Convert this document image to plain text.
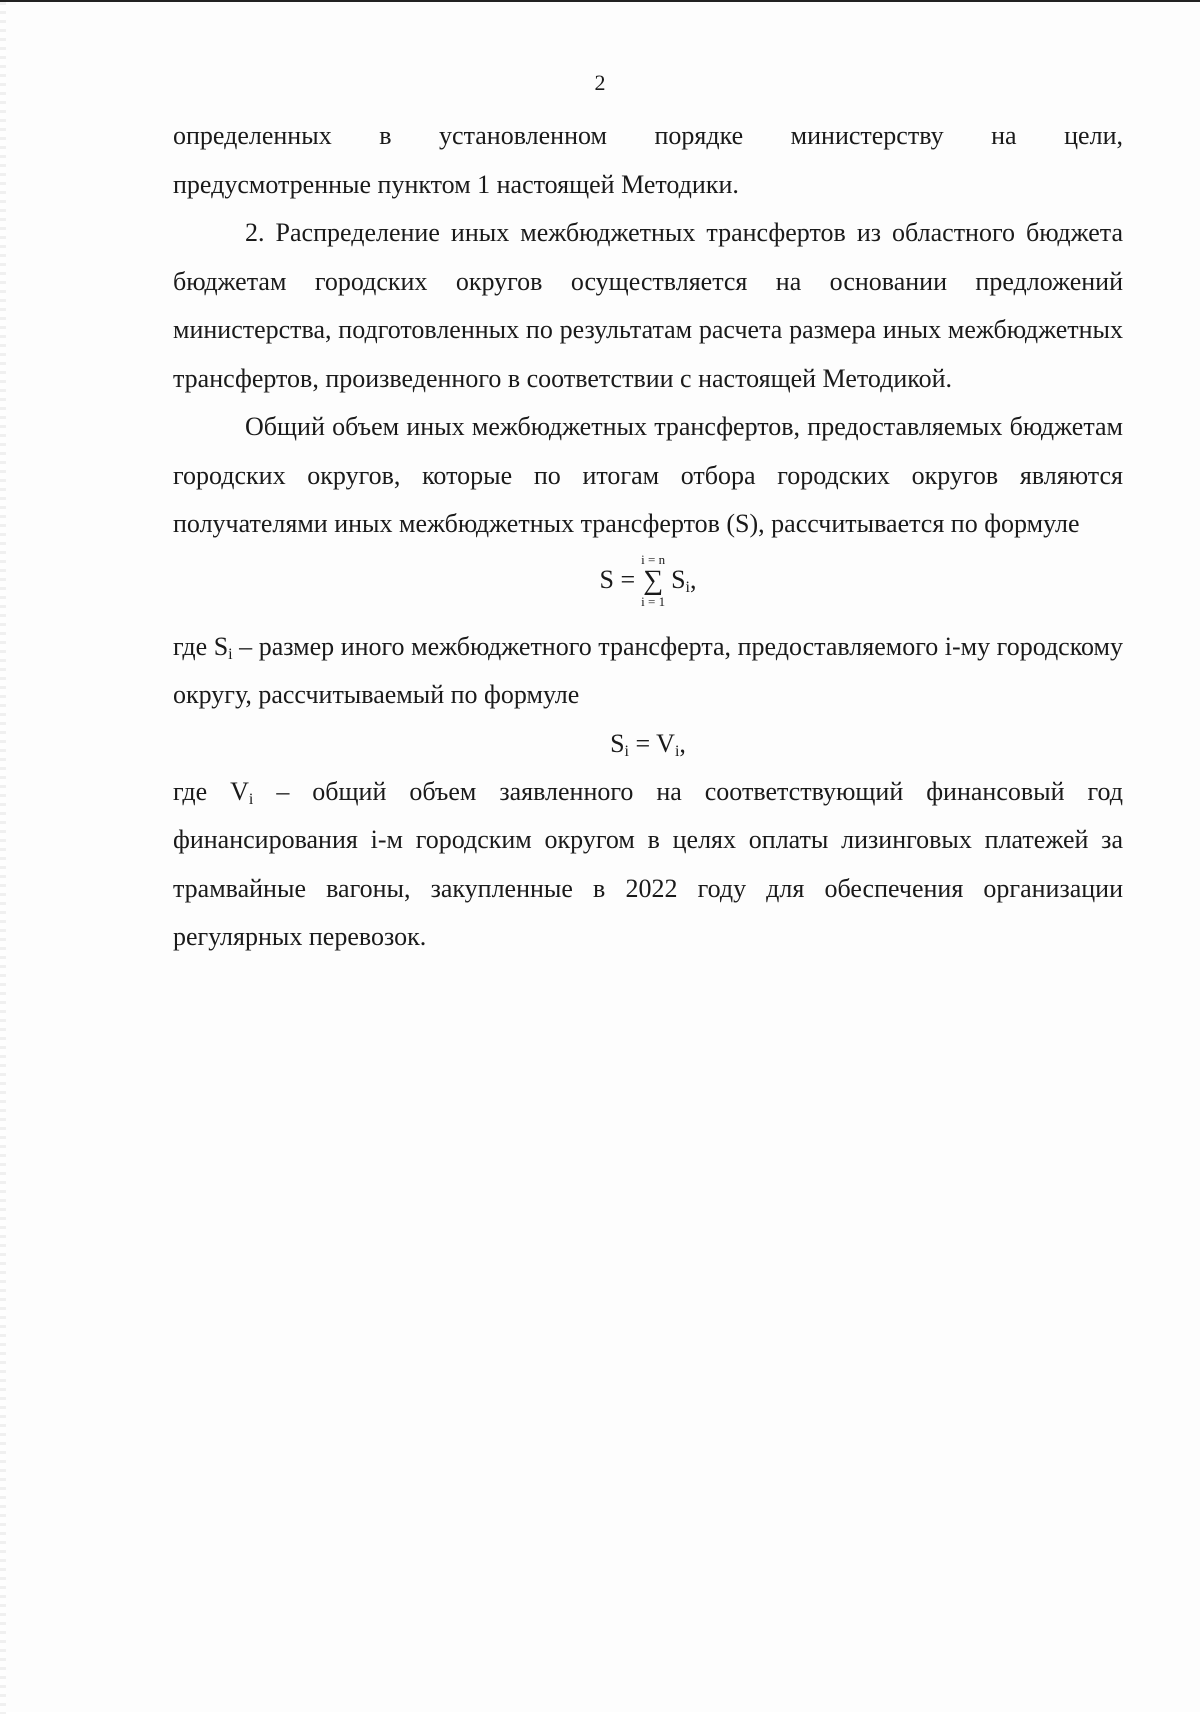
2

определенных в установленном порядке министерству на цели,

предусмотренные пунктом 1 настоящей Методики.

2. Распределение иных межбюджетных трансфертов из областного бюджета бюджетам городских округов осуществляется на основании предложений министерства, подготовленных по результатам расчета размера иных межбюджетных трансфертов, произведенного в соответствии с настоящей Методикой.

Общий объем иных межбюджетных трансфертов, предоставляемых бюджетам городских округов, которые по итогам отбора городских округов являются получателями иных межбюджетных трансфертов (S), рассчитывается по формуле

S =
i = n
∑
i = 1
$S_i$,

где $S_i$ – размер иного межбюджетного трансферта, предоставляемого i-му городскому округу, рассчитываемый по формуле

$S_i = V_i$,

где $V_i$ – общий объем заявленного на соответствующий финансовый год финансирования i-м городским округом в целях оплаты лизинговых платежей за трамвайные вагоны, закупленные в 2022 году для обеспечения организации регулярных перевозок.
